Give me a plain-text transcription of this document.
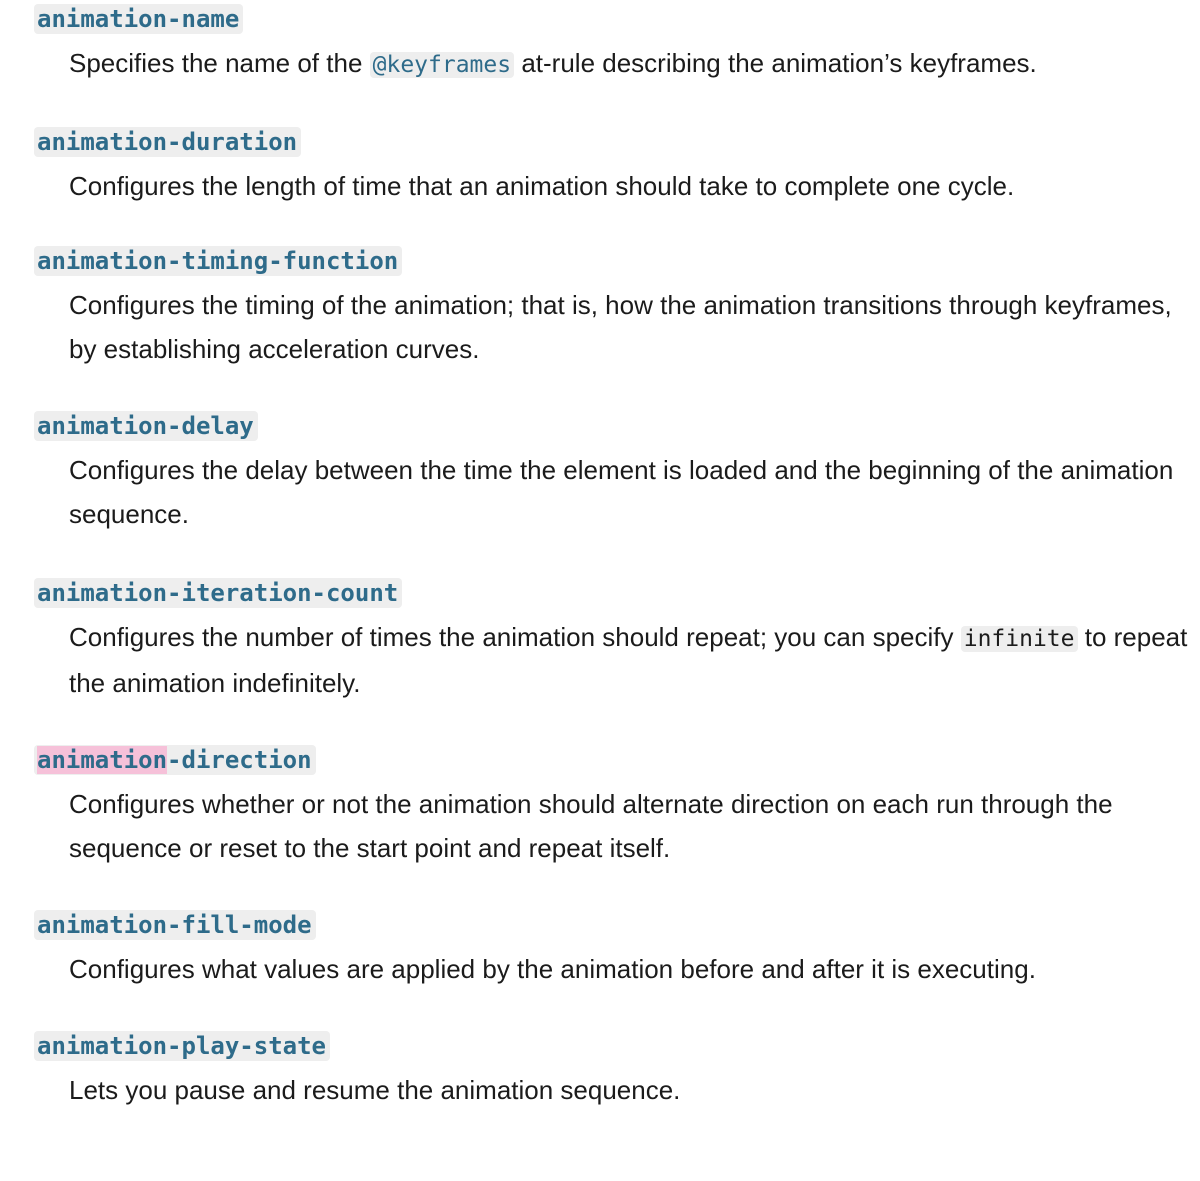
animation-name

Specifies the name of the @keyframes at-rule describing the animation’s keyframes.

animation-duration

Configures the length of time that an animation should take to complete one cycle.

animation-timing-function

Configures the timing of the animation; that is, how the animation transitions through keyframes, by establishing acceleration curves.

animation-delay

Configures the delay between the time the element is loaded and the beginning of the animation sequence.

animation-iteration-count

Configures the number of times the animation should repeat; you can specify infinite to repeat the animation indefinitely.

animation-direction

Configures whether or not the animation should alternate direction on each run through the sequence or reset to the start point and repeat itself.

animation-fill-mode

Configures what values are applied by the animation before and after it is executing.

animation-play-state

Lets you pause and resume the animation sequence.
